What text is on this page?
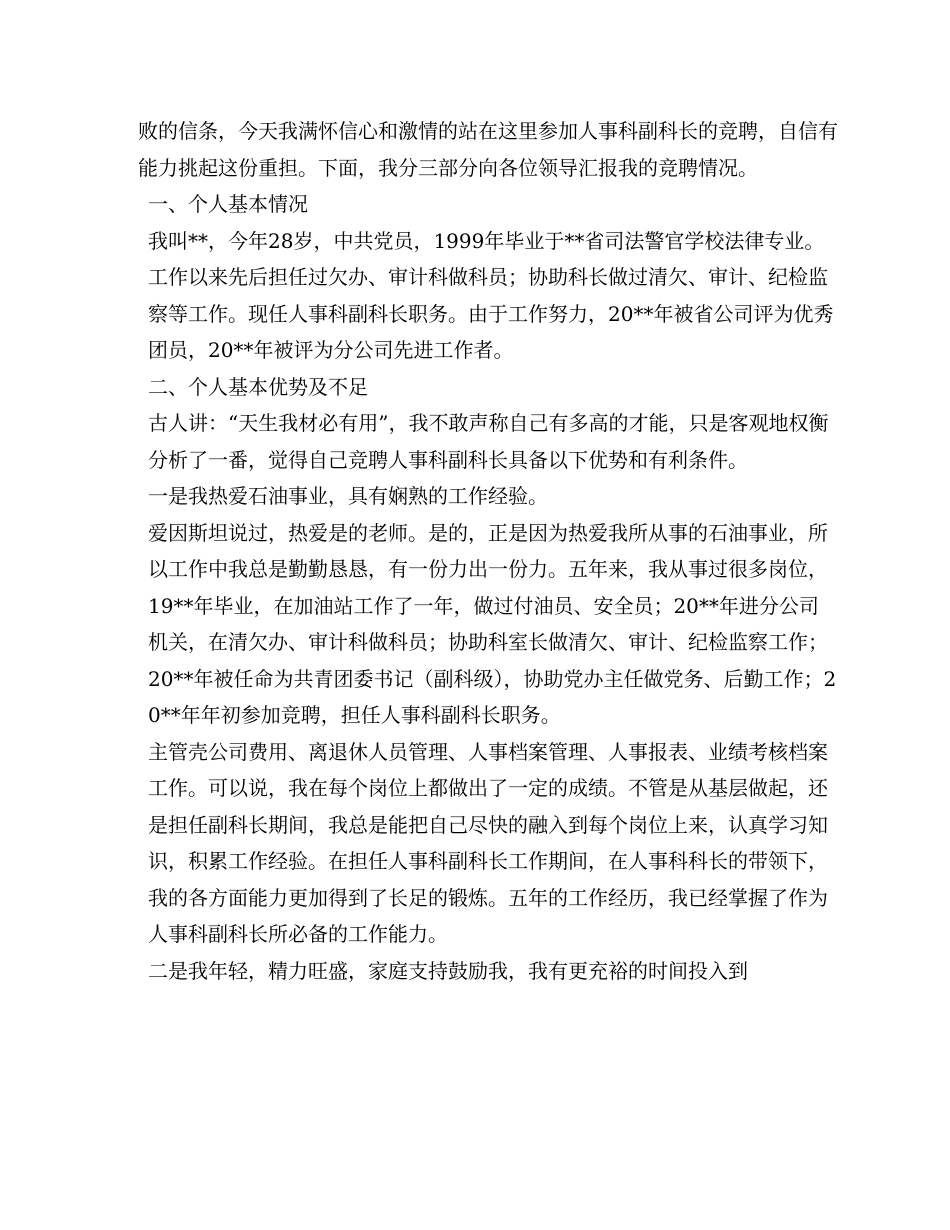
败的信条，今天我满怀信心和激情的站在这里参加人事科副科长的竞聘，自信有能力挑起这份重担。下面，我分三部分向各位领导汇报我的竞聘情况。

一、个人基本情况

我叫**，今年28岁，中共党员，1999年毕业于**省司法警官学校法律专业。工作以来先后担任过欠办、审计科做科员；协助科长做过清欠、审计、纪检监察等工作。现任人事科副科长职务。由于工作努力，20**年被省公司评为优秀团员，20**年被评为分公司先进工作者。

二、个人基本优势及不足

古人讲：“天生我材必有用”，我不敢声称自己有多高的才能，只是客观地权衡分析了一番，觉得自己竞聘人事科副科长具备以下优势和有利条件。

一是我热爱石油事业，具有娴熟的工作经验。

爱因斯坦说过，热爱是的老师。是的，正是因为热爱我所从事的石油事业，所以工作中我总是勤勤恳恳，有一份力出一份力。五年来，我从事过很多岗位，19**年毕业，在加油站工作了一年，做过付油员、安全员；20**年进分公司机关，在清欠办、审计科做科员；协助科室长做清欠、审计、纪检监察工作；20**年被任命为共青团委书记（副科级），协助党办主任做党务、后勤工作；20**年年初参加竞聘，担任人事科副科长职务。

主管壳公司费用、离退休人员管理、人事档案管理、人事报表、业绩考核档案工作。可以说，我在每个岗位上都做出了一定的成绩。不管是从基层做起，还是担任副科长期间，我总是能把自己尽快的融入到每个岗位上来，认真学习知识，积累工作经验。在担任人事科副科长工作期间，在人事科科长的带领下，我的各方面能力更加得到了长足的锻炼。五年的工作经历，我已经掌握了作为人事科副科长所必备的工作能力。

二是我年轻，精力旺盛，家庭支持鼓励我，我有更充裕的时间投入到
